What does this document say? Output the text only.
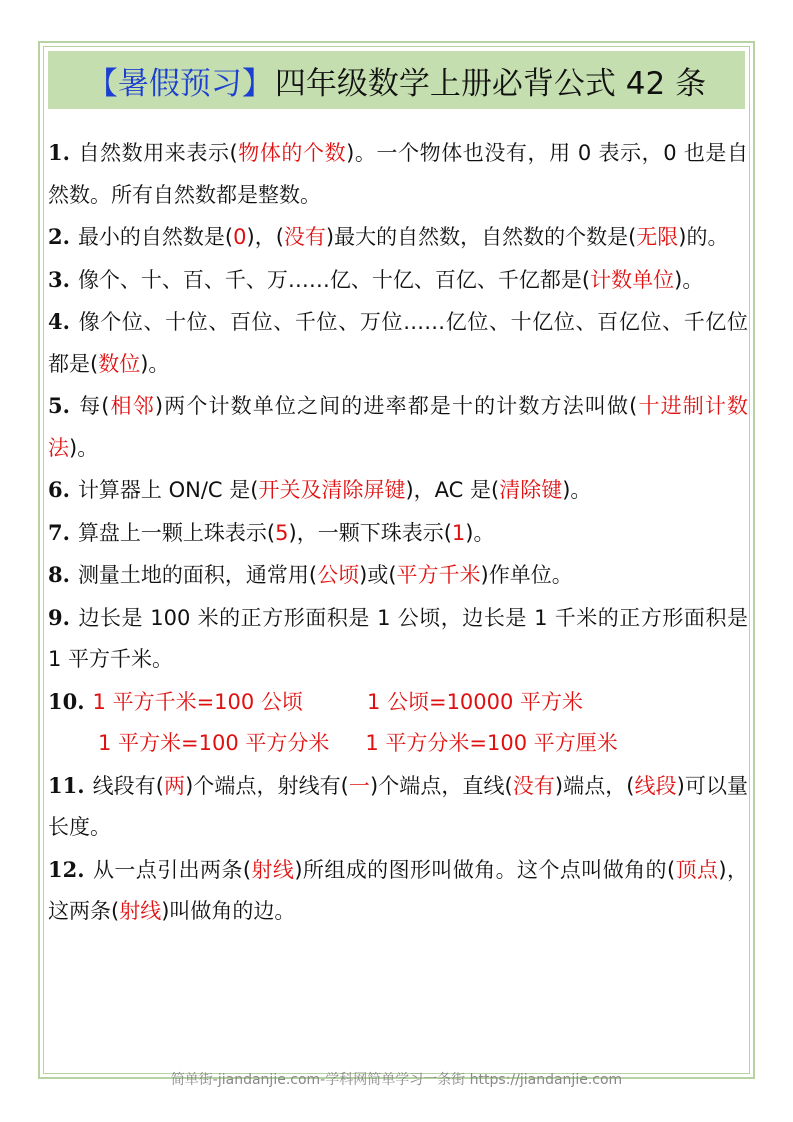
【暑假预习】 四年级数学上册必背公式 42 条

1. 自然数用来表示(物体的个数)。一个物体也没有，用 0 表示，0 也是自然数。所有自然数都是整数。

2. 最小的自然数是(0)，(没有)最大的自然数，自然数的个数是(无限)的。

3. 像个、十、百、千、万……亿、十亿、百亿、千亿都是(计数单位)。

4. 像个位、十位、百位、千位、万位……亿位、十亿位、百亿位、千亿位都是(数位)。

5. 每(相邻)两个计数单位之间的进率都是十的计数方法叫做(十进制计数法)。

6. 计算器上 ON/C 是(开关及清除屏键)，AC 是(清除键)。

7. 算盘上一颗上珠表示(5)，一颗下珠表示(1)。

8. 测量土地的面积，通常用(公顷)或(平方千米)作单位。

9. 边长是 100 米的正方形面积是 1 公顷，边长是 1 千米的正方形面积是 1 平方千米。

10. 1 平方千米=100 公顷	1 公顷=10000 平方米
1 平方米=100 平方分米 1 平方分米=100 平方厘米

11. 线段有(两)个端点，射线有(一)个端点，直线(没有)端点，(线段)可以量长度。

12. 从一点引出两条(射线)所组成的图形叫做角。这个点叫做角的(顶点)，这两条(射线)叫做角的边。

简单街-jiandanjie.com-学科网简单学习一条街 https://jiandanjie.com
